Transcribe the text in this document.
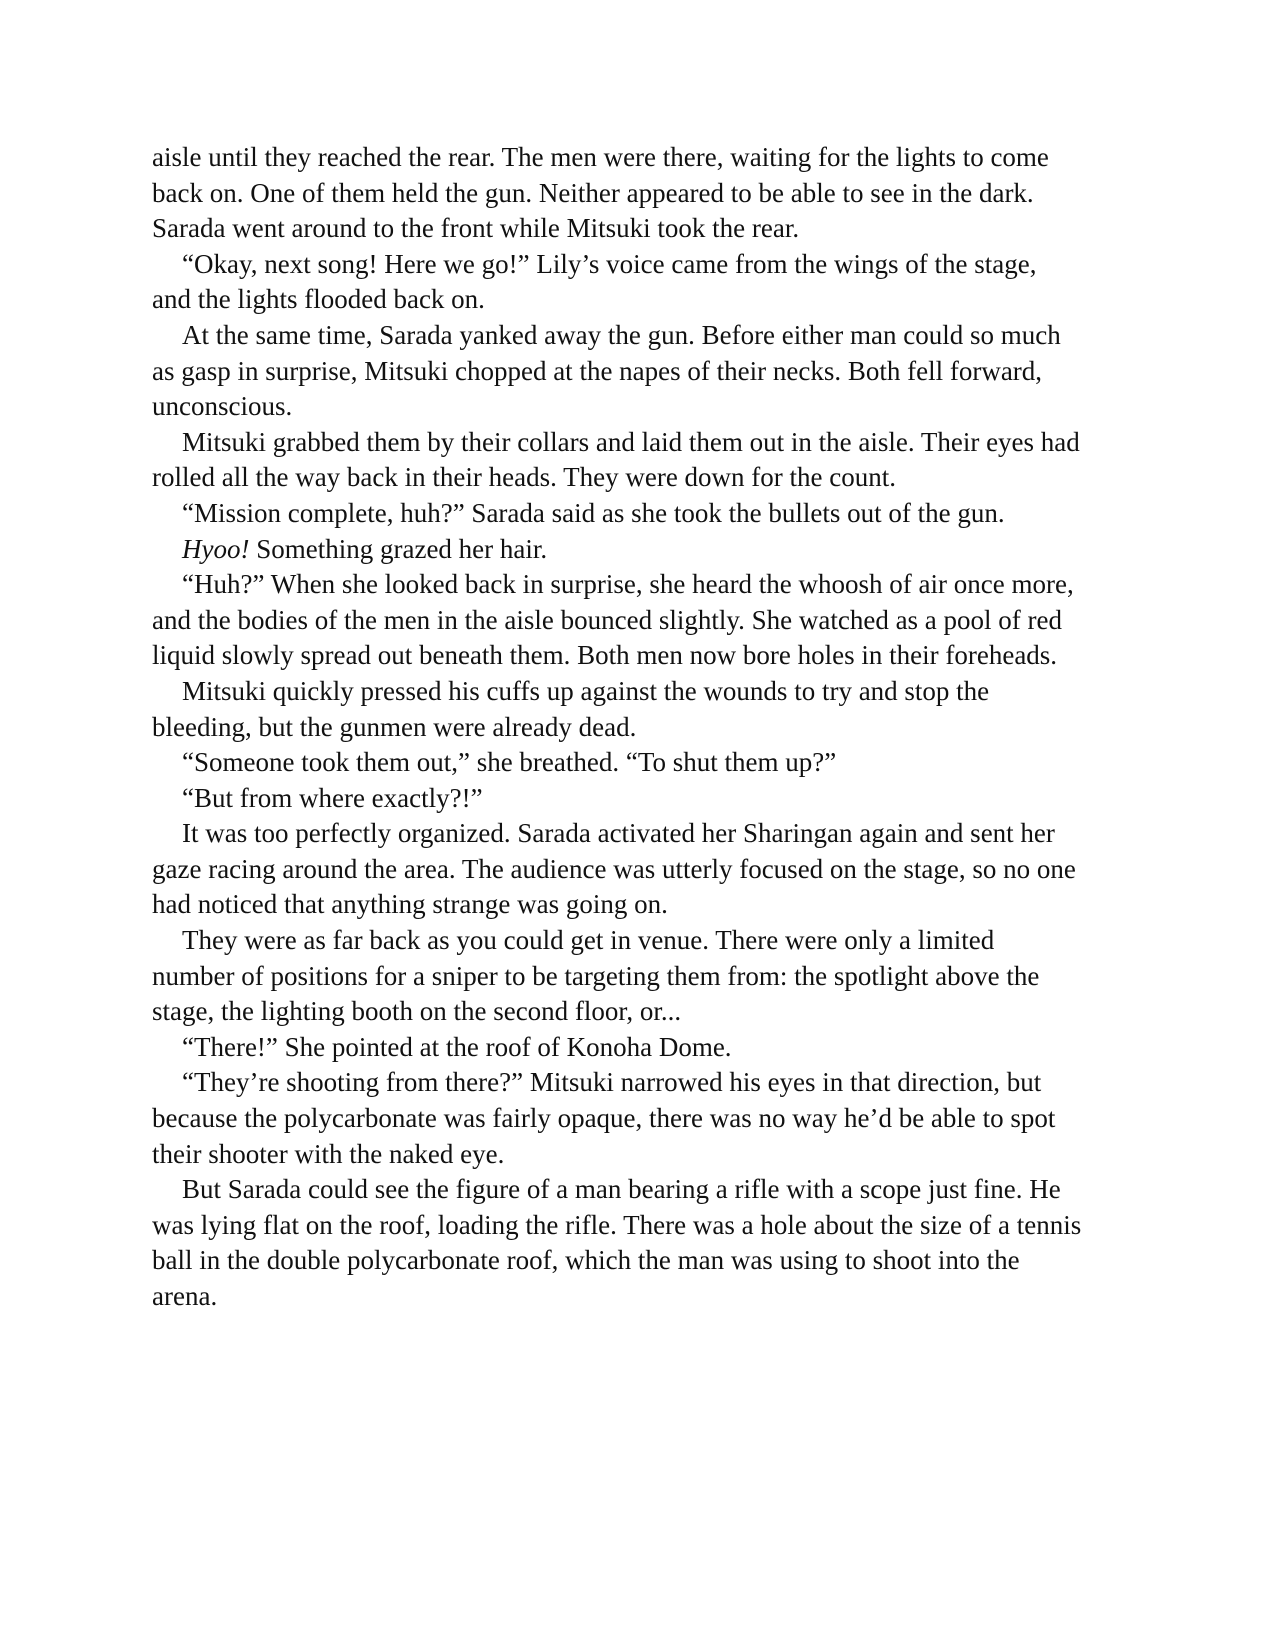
aisle until they reached the rear. The men were there, waiting for the lights to come back on. One of them held the gun. Neither appeared to be able to see in the dark. Sarada went around to the front while Mitsuki took the rear.

“Okay, next song! Here we go!” Lily’s voice came from the wings of the stage, and the lights flooded back on.

At the same time, Sarada yanked away the gun. Before either man could so much as gasp in surprise, Mitsuki chopped at the napes of their necks. Both fell forward, unconscious.

Mitsuki grabbed them by their collars and laid them out in the aisle. Their eyes had rolled all the way back in their heads. They were down for the count.

“Mission complete, huh?” Sarada said as she took the bullets out of the gun.

Hyoo! Something grazed her hair.

“Huh?” When she looked back in surprise, she heard the whoosh of air once more, and the bodies of the men in the aisle bounced slightly. She watched as a pool of red liquid slowly spread out beneath them. Both men now bore holes in their foreheads.

Mitsuki quickly pressed his cuffs up against the wounds to try and stop the bleeding, but the gunmen were already dead.

“Someone took them out,” she breathed. “To shut them up?”

“But from where exactly?!”

It was too perfectly organized. Sarada activated her Sharingan again and sent her gaze racing around the area. The audience was utterly focused on the stage, so no one had noticed that anything strange was going on.

They were as far back as you could get in venue. There were only a limited number of positions for a sniper to be targeting them from: the spotlight above the stage, the lighting booth on the second floor, or...

“There!” She pointed at the roof of Konoha Dome.

“They’re shooting from there?” Mitsuki narrowed his eyes in that direction, but because the polycarbonate was fairly opaque, there was no way he’d be able to spot their shooter with the naked eye.

But Sarada could see the figure of a man bearing a rifle with a scope just fine. He was lying flat on the roof, loading the rifle. There was a hole about the size of a tennis ball in the double polycarbonate roof, which the man was using to shoot into the arena.
